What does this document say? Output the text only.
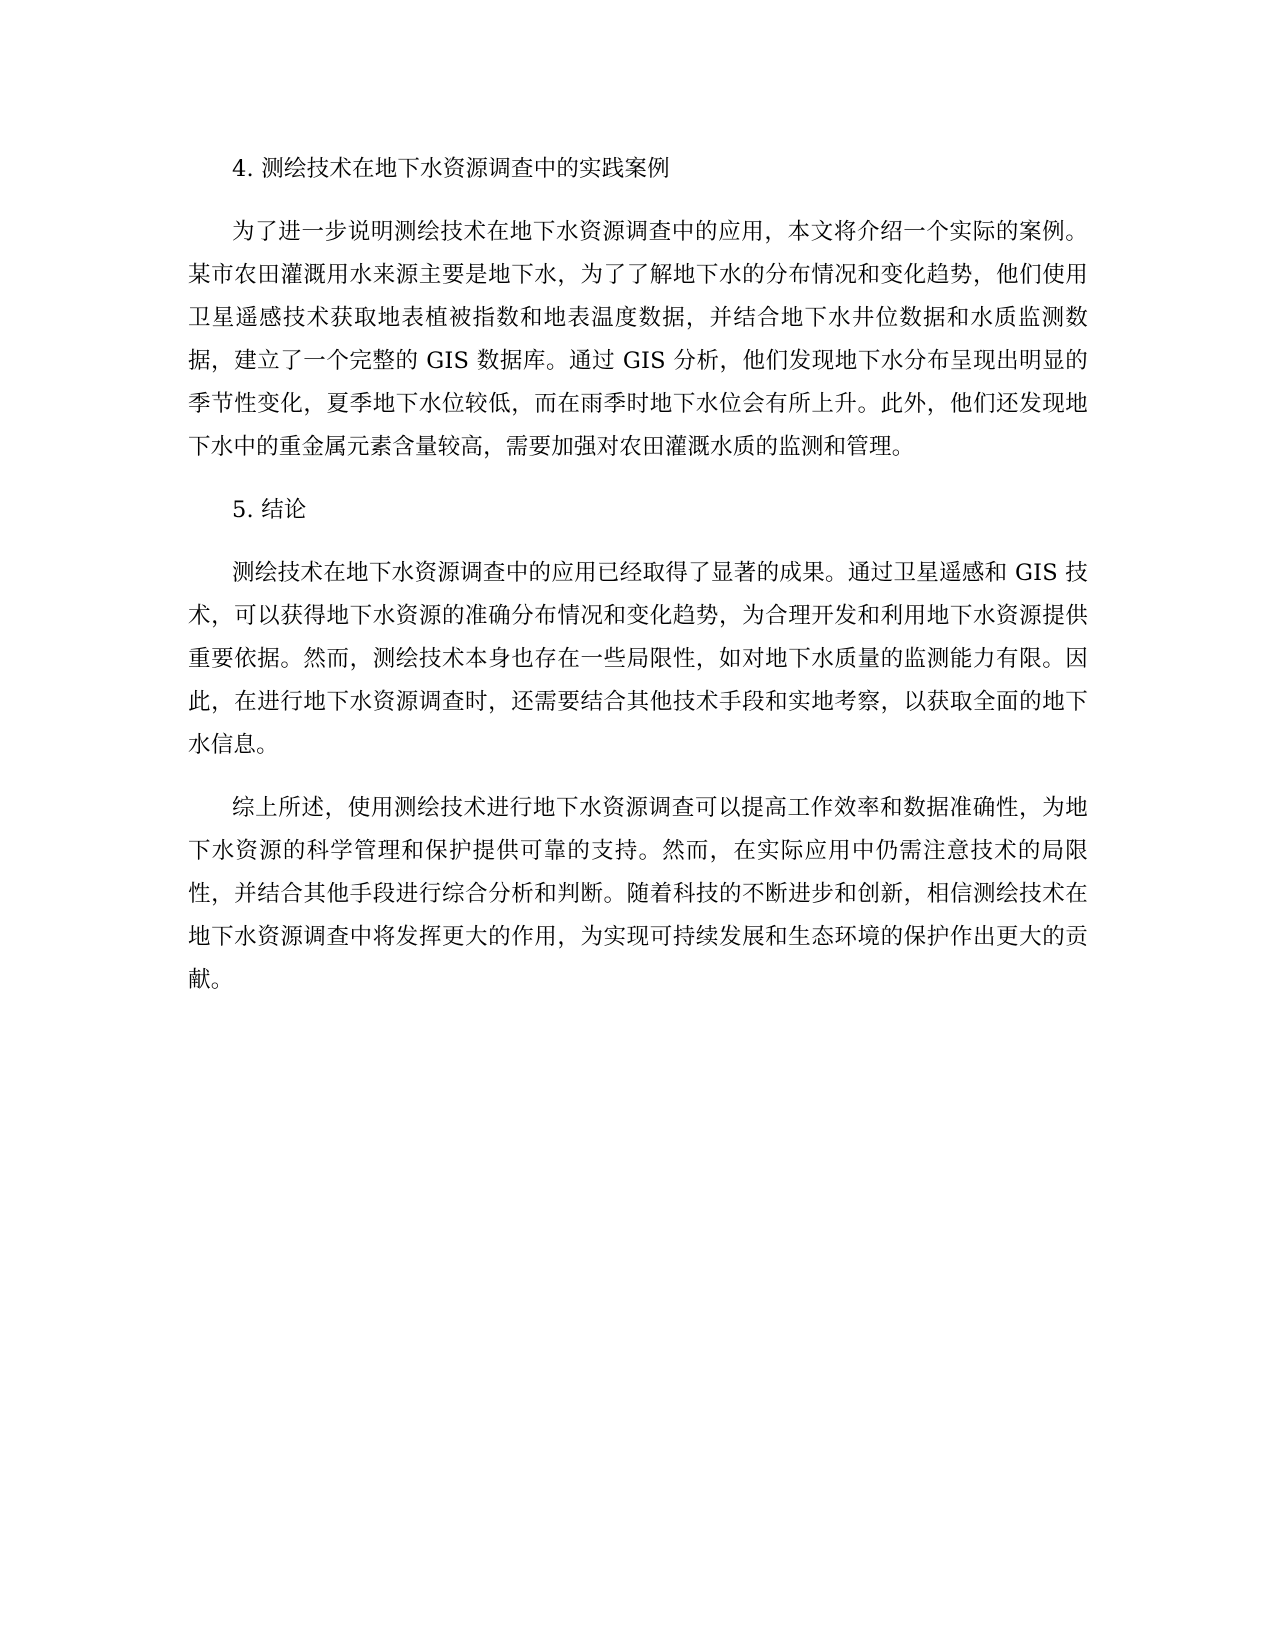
4. 测绘技术在地下水资源调查中的实践案例

为了进一步说明测绘技术在地下水资源调查中的应用，本文将介绍一个实际的案例。某市农田灌溉用水来源主要是地下水，为了了解地下水的分布情况和变化趋势，他们使用卫星遥感技术获取地表植被指数和地表温度数据，并结合地下水井位数据和水质监测数据，建立了一个完整的 GIS 数据库。通过 GIS 分析，他们发现地下水分布呈现出明显的季节性变化，夏季地下水位较低，而在雨季时地下水位会有所上升。此外，他们还发现地下水中的重金属元素含量较高，需要加强对农田灌溉水质的监测和管理。

5. 结论

测绘技术在地下水资源调查中的应用已经取得了显著的成果。通过卫星遥感和 GIS 技术，可以获得地下水资源的准确分布情况和变化趋势，为合理开发和利用地下水资源提供重要依据。然而，测绘技术本身也存在一些局限性，如对地下水质量的监测能力有限。因此，在进行地下水资源调查时，还需要结合其他技术手段和实地考察，以获取全面的地下水信息。

综上所述，使用测绘技术进行地下水资源调查可以提高工作效率和数据准确性，为地下水资源的科学管理和保护提供可靠的支持。然而，在实际应用中仍需注意技术的局限性，并结合其他手段进行综合分析和判断。随着科技的不断进步和创新，相信测绘技术在地下水资源调查中将发挥更大的作用，为实现可持续发展和生态环境的保护作出更大的贡献。
